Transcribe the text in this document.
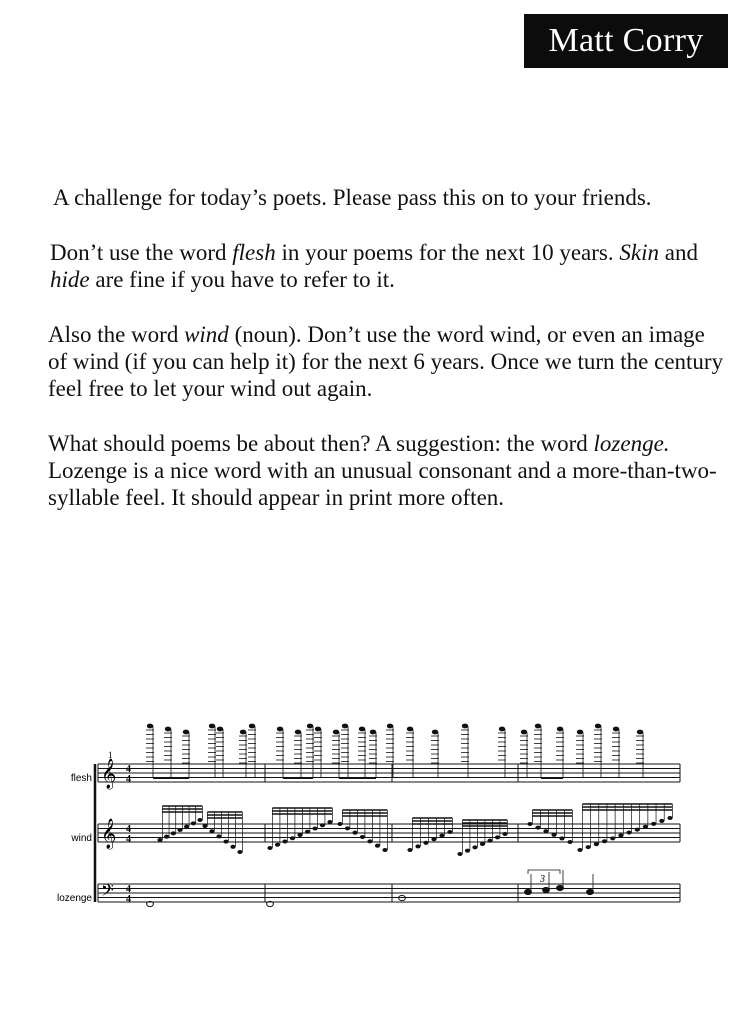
Matt Corry

A challenge for today’s poets. Please pass this on to your friends.

Don’t use the word flesh in your poems for the next 10 years. Skin and hide are fine if you have to refer to it.

Also the word wind (noun). Don’t use the word wind, or even an image of wind (if you can help it) for the next 6 years. Once we turn the century feel free to let your wind out again.

What should poems be about then? A suggestion: the word lozenge. Lozenge is a nice word with an unusual consonant and a more-than-two-syllable feel. It should appear in print more often.

flesh
wind
lozenge
1
3
𝄞
𝄞
𝄢
4
4
4
4
4
4
